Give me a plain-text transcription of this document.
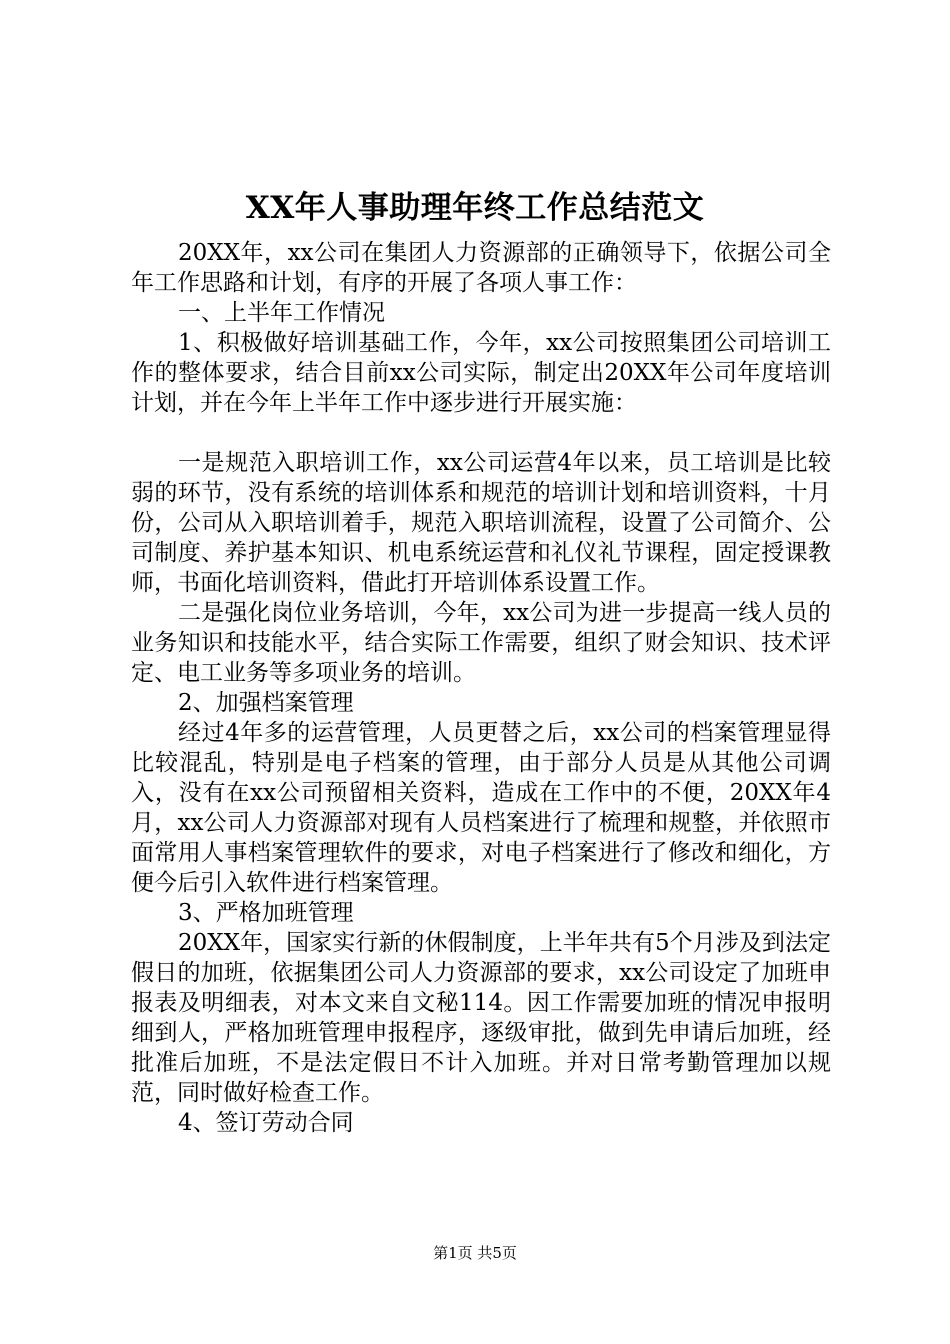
XX年人事助理年终工作总结范文

20XX年，xx公司在集团人力资源部的正确领导下，依据公司全年工作思路和计划，有序的开展了各项人事工作：

一、上半年工作情况

1、积极做好培训基础工作，今年，xx公司按照集团公司培训工作的整体要求，结合目前xx公司实际，制定出20XX年公司年度培训计划，并在今年上半年工作中逐步进行开展实施：

一是规范入职培训工作，xx公司运营4年以来，员工培训是比较弱的环节，没有系统的培训体系和规范的培训计划和培训资料，十月份，公司从入职培训着手，规范入职培训流程，设置了公司简介、公司制度、养护基本知识、机电系统运营和礼仪礼节课程，固定授课教师，书面化培训资料，借此打开培训体系设置工作。

二是强化岗位业务培训，今年，xx公司为进一步提高一线人员的业务知识和技能水平，结合实际工作需要，组织了财会知识、技术评定、电工业务等多项业务的培训。

2、加强档案管理

经过4年多的运营管理，人员更替之后，xx公司的档案管理显得比较混乱，特别是电子档案的管理，由于部分人员是从其他公司调入，没有在xx公司预留相关资料，造成在工作中的不便，20XX年4月，xx公司人力资源部对现有人员档案进行了梳理和规整，并依照市面常用人事档案管理软件的要求，对电子档案进行了修改和细化，方便今后引入软件进行档案管理。

3、严格加班管理

20XX年，国家实行新的休假制度，上半年共有5个月涉及到法定假日的加班，依据集团公司人力资源部的要求，xx公司设定了加班申报表及明细表，对本文来自文秘114。因工作需要加班的情况申报明细到人，严格加班管理申报程序，逐级审批，做到先申请后加班，经批准后加班，不是法定假日不计入加班。并对日常考勤管理加以规范，同时做好检查工作。

4、签订劳动合同

第1页 共5页
